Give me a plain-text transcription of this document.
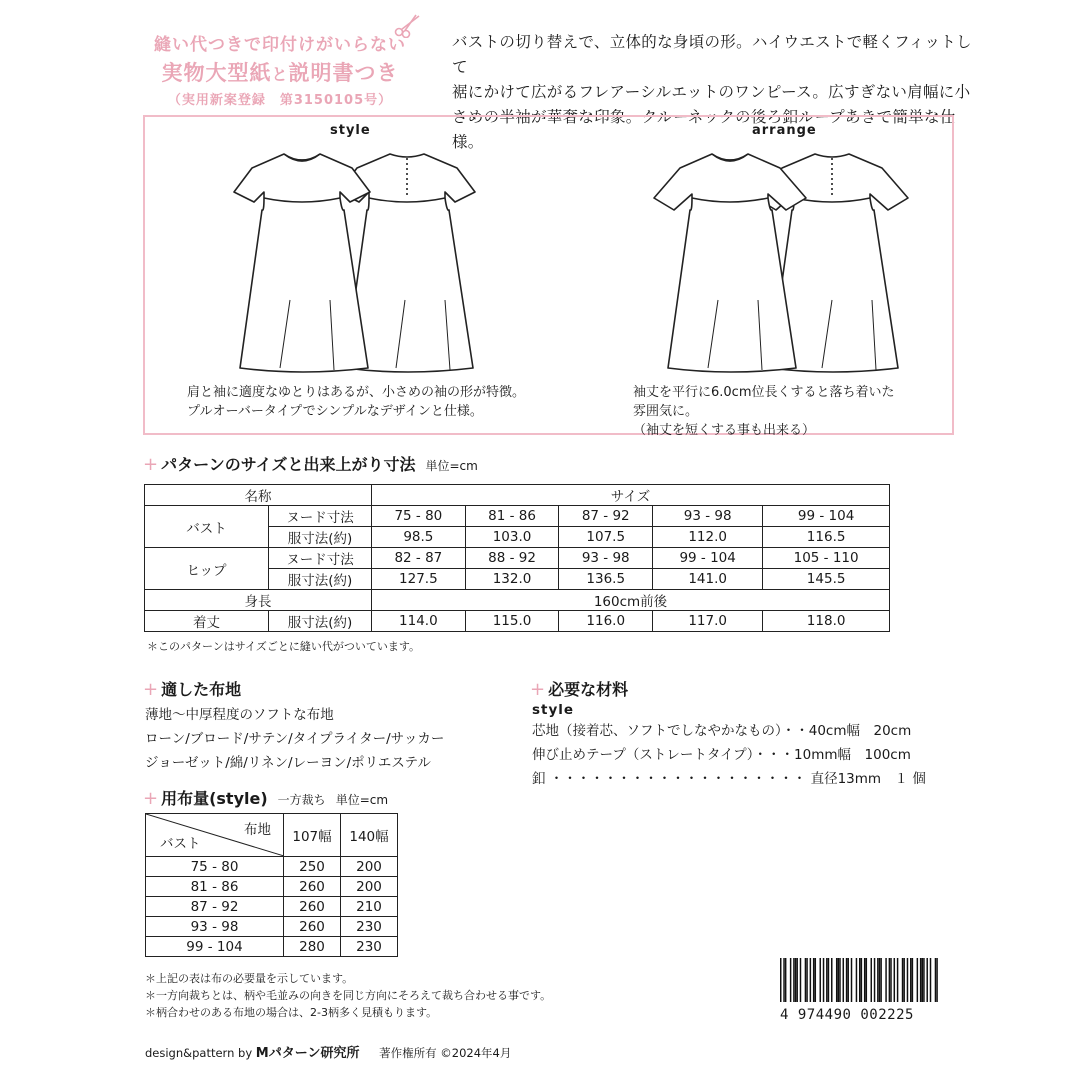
縫い代つきで印付けがいらない
実物大型紙と説明書つき
（実用新案登録　第3150105号）
バストの切り替えで、立体的な身頃の形。ハイウエストで軽くフィットして
裾にかけて広がるフレアーシルエットのワンピース。広すぎない肩幅に小
さめの半袖が華奢な印象。クルーネックの後ろ釦ループあきで簡単な仕様。
style	arrange
肩と袖に適度なゆとりはあるが、小さめの袖の形が特徴。
プルオーバータイプでシンプルなデザインと仕様。
袖丈を平行に6.0cm位長くすると落ち着いた
雰囲気に。
（袖丈を短くする事も出来る）
+ パターンのサイズと出来上がり寸法 単位=cm
名称		サイズ				
バスト	ヌード寸法	75 - 80	81 - 86	87 - 92	93 - 98	99 - 104
	服寸法(約)	98.5	103.0	107.5	112.0	116.5
ヒップ	ヌード寸法	82 - 87	88 - 92	93 - 98	99 - 104	105 - 110
	服寸法(約)	127.5	132.0	136.5	141.0	145.5
身長		160cm前後				
着丈	服寸法(約)	114.0	115.0	116.0	117.0	118.0
＊このパターンはサイズごとに縫い代がついています。
+ 適した布地
薄地〜中厚程度のソフトな布地
ローン/ブロード/サテン/タイプライター/サッカー
ジョーゼット/綿/リネン/レーヨン/ポリエステル
+ 必要な材料
style
芯地（接着芯、ソフトでしなやかなもの）・・40cm幅　20cm
伸び止めテープ（ストレートタイプ）・・・10mm幅　100cm
釦 ・・・・・・・・・・・・・・・・・・・ 直径13mm　１ 個
+ 用布量(style) 一方裁ち 単位=cm
布地
バスト	107幅	140幅
75 - 80	250	200
81 - 86	260	200
87 - 92	260	210
93 - 98	260	230
99 - 104	280	230
＊上記の表は布の必要量を示しています。
＊一方向裁ちとは、柄や毛並みの向きを同じ方向にそろえて裁ち合わせる事です。
＊柄合わせのある布地の場合は、2-3柄多く見積もります。
design&pattern by Mパターン研究所 著作権所有 ©2024年4月
4 974490 002225
